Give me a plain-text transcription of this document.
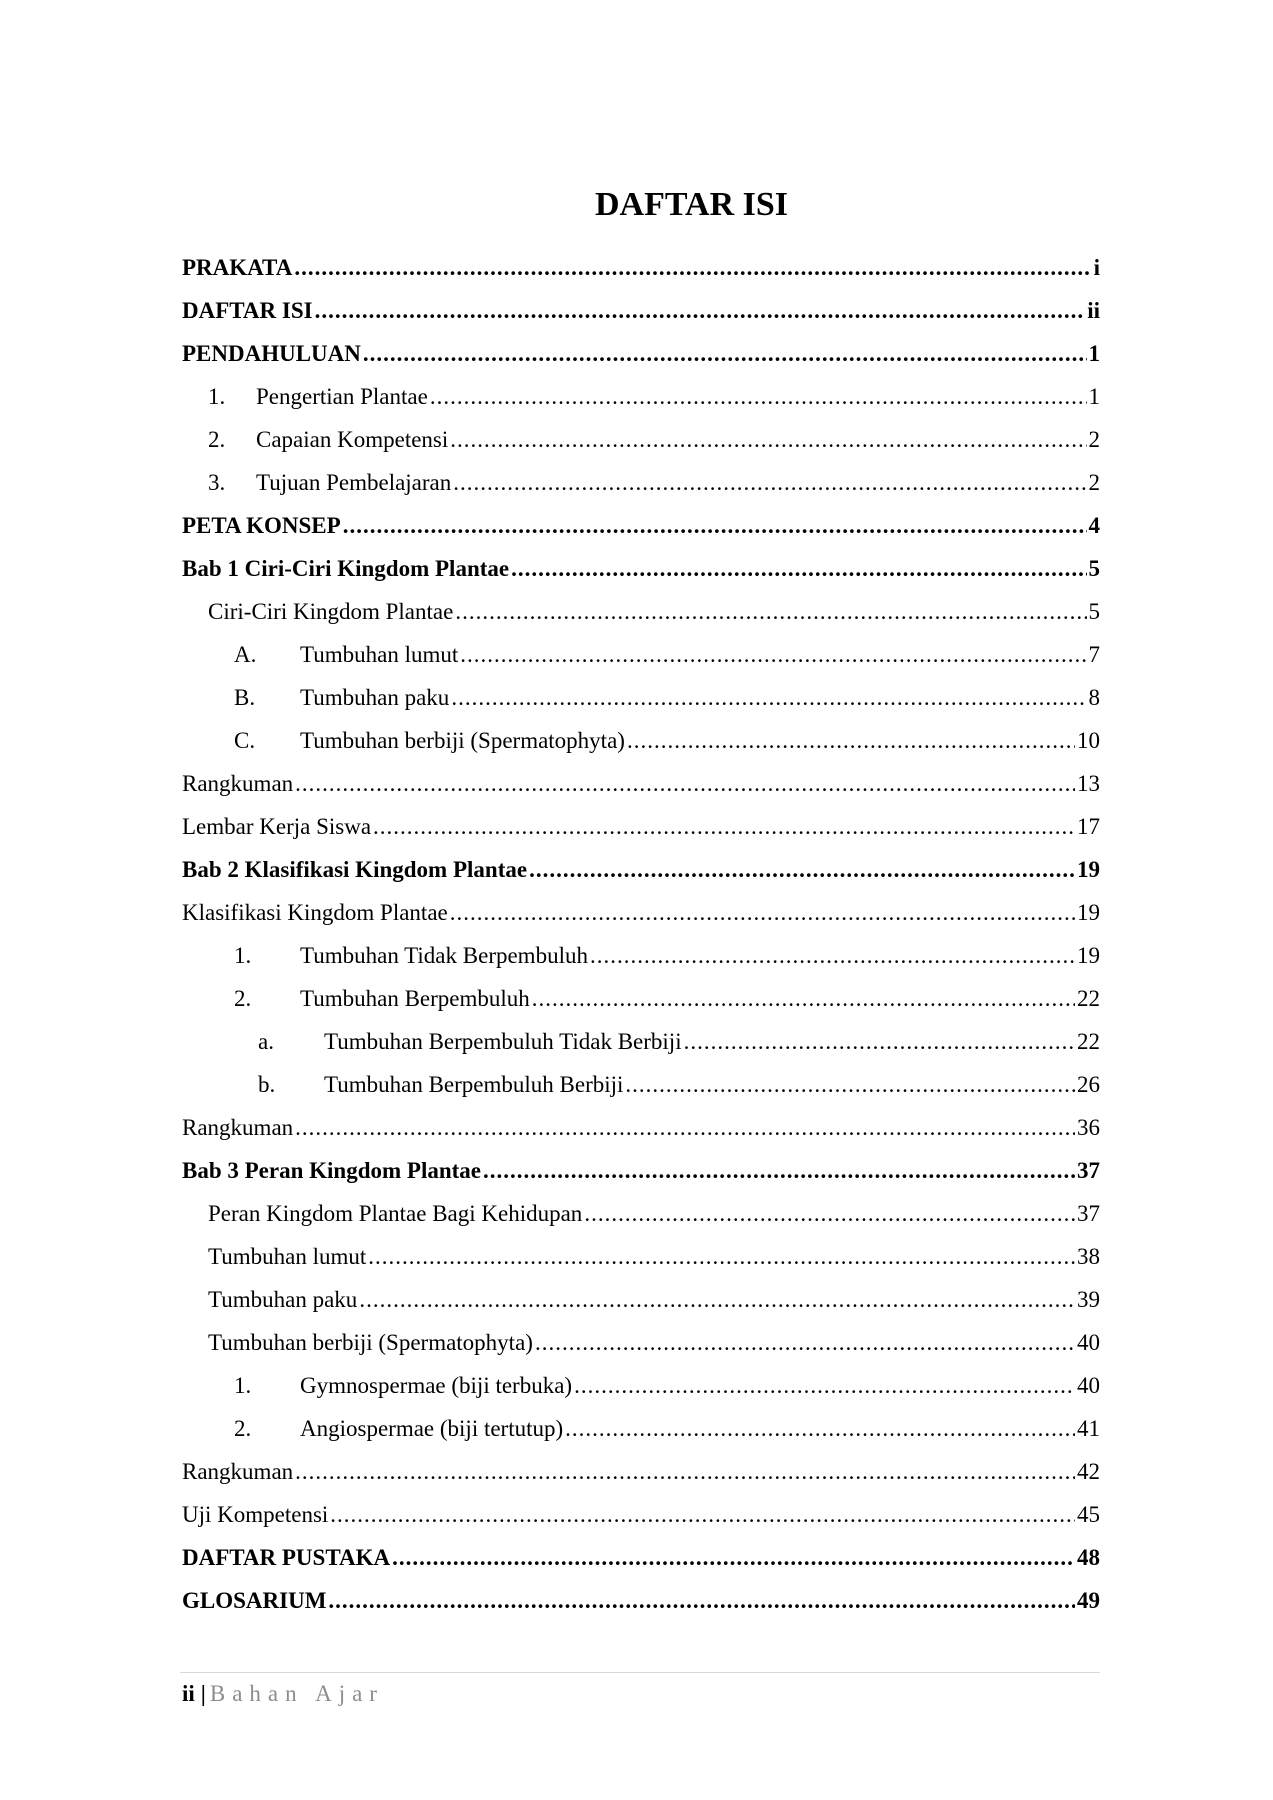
DAFTAR ISI
PRAKATA .....	i
DAFTAR ISI .....	ii
PENDAHULUAN .....	1
1.	Pengertian Plantae .....	1
2.	Capaian Kompetensi .....	2
3.	Tujuan Pembelajaran .....	2
PETA KONSEP .....	4
Bab 1 Ciri-Ciri Kingdom Plantae .....	5
Ciri-Ciri Kingdom Plantae .....	5
A.	Tumbuhan lumut .....	7
B.	Tumbuhan paku .....	8
C.	Tumbuhan berbiji (Spermatophyta) .....	10
Rangkuman .....	13
Lembar Kerja Siswa .....	17
Bab 2 Klasifikasi Kingdom Plantae .....	19
Klasifikasi Kingdom Plantae .....	19
1.	Tumbuhan Tidak Berpembuluh .....	19
2.	Tumbuhan Berpembuluh .....	22
a.	Tumbuhan Berpembuluh Tidak Berbiji .....	22
b.	Tumbuhan Berpembuluh Berbiji .....	26
Rangkuman .....	36
Bab 3 Peran Kingdom Plantae .....	37
Peran Kingdom Plantae Bagi Kehidupan .....	37
Tumbuhan lumut .....	38
Tumbuhan paku .....	39
Tumbuhan berbiji (Spermatophyta) .....	40
1.	Gymnospermae (biji terbuka) .....	40
2.	Angiospermae (biji tertutup) .....	41
Rangkuman .....	42
Uji Kompetensi .....	45
DAFTAR PUSTAKA .....	48
GLOSARIUM .....	49
ii | Bahan Ajar
